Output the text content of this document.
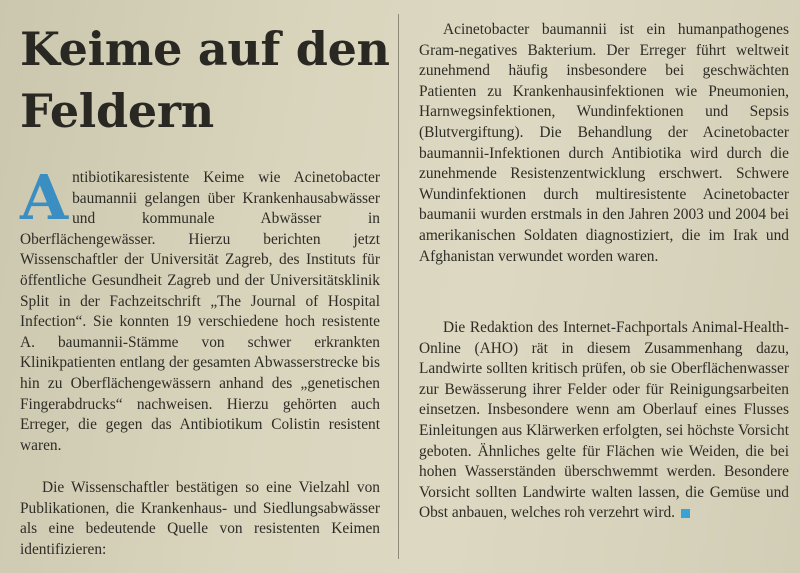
Keime auf den Feldern

Antibiotikaresistente Keime wie Acinetobacter baumannii gelangen über Krankenhausabwässer und kommunale Abwässer in Oberflächengewässer. Hierzu berichten jetzt Wissenschaftler der Universität Zagreb, des Instituts für öffentliche Gesundheit Zagreb und der Universitätsklinik Split in der Fachzeitschrift „The Journal of Hospital Infection“. Sie konnten 19 verschiedene hoch resistente A. baumannii-Stämme von schwer erkrankten Klinikpatienten entlang der gesamten Abwasserstrecke bis hin zu Oberflächengewässern anhand des „genetischen Fingerabdrucks“ nachweisen. Hierzu gehörten auch Erreger, die gegen das Antibiotikum Colistin resistent waren.

Die Wissenschaftler bestätigen so eine Vielzahl von Publikationen, die Krankenhaus- und Siedlungsabwässer als eine bedeutende Quelle von resistenten Keimen identifizieren:

Acinetobacter baumannii ist ein humanpathogenes Gram-negatives Bakterium. Der Erreger führt weltweit zunehmend häufig insbesondere bei geschwächten Patienten zu Krankenhausinfektionen wie Pneumonien, Harnwegsinfektionen, Wundinfektionen und Sepsis (Blutvergiftung). Die Behandlung der Acinetobacter baumannii-Infektionen durch Antibiotika wird durch die zunehmende Resistenzentwicklung erschwert. Schwere Wundinfektionen durch multiresistente Acinetobacter baumanii wurden erstmals in den Jahren 2003 und 2004 bei amerikanischen Soldaten diagnostiziert, die im Irak und Afghanistan verwundet worden waren.

Die Redaktion des Internet-Fachportals Animal-Health-Online (AHO) rät in diesem Zusammenhang dazu, Landwirte sollten kritisch prüfen, ob sie Oberflächenwasser zur Bewässerung ihrer Felder oder für Reinigungsarbeiten einsetzen. Insbesondere wenn am Oberlauf eines Flusses Einleitungen aus Klärwerken erfolgten, sei höchste Vorsicht geboten. Ähnliches gelte für Flächen wie Weiden, die bei hohen Wasserständen überschwemmt werden. Besondere Vorsicht sollten Landwirte walten lassen, die Gemüse und Obst anbauen, welches roh verzehrt wird.
